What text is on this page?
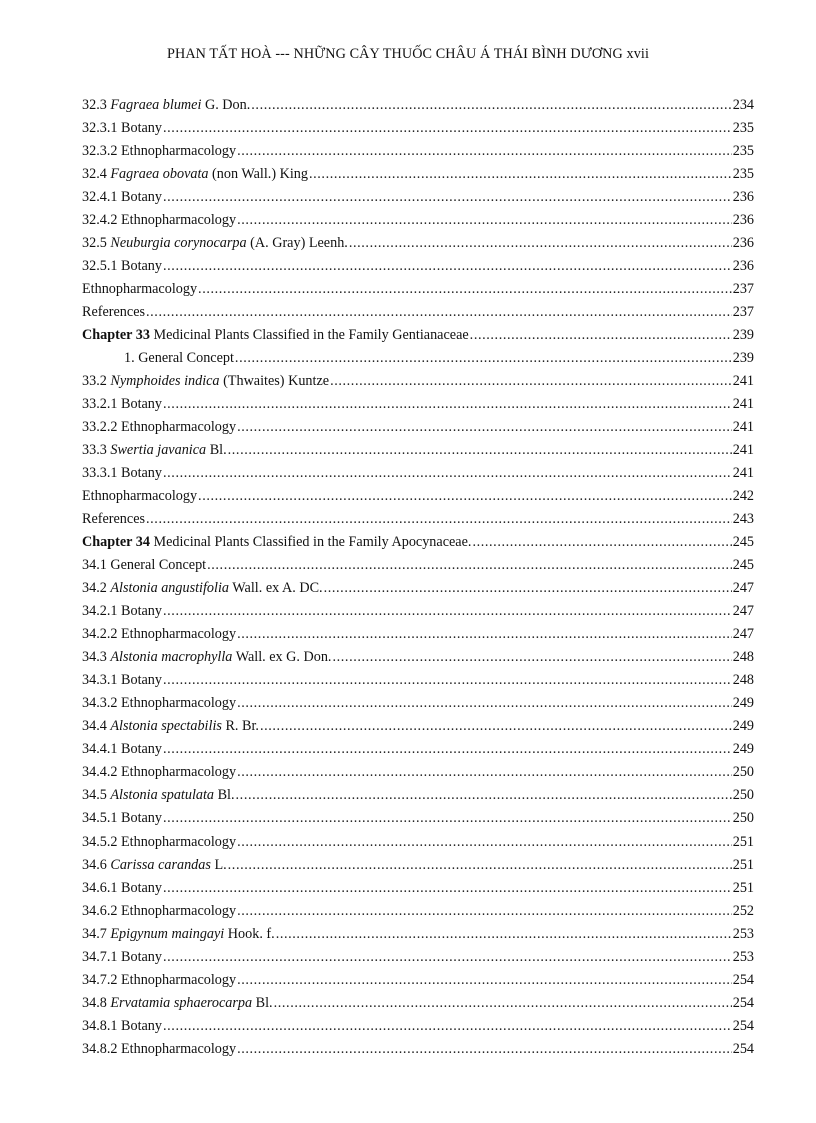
PHAN TẤT HOÀ --- NHỮNG CÂY THUỐC CHÂU Á THÁI BÌNH DƯƠNG xvii
32.3 Fagraea blumei G. Don. .....	234
32.3.1 Botany .....	235
32.3.2 Ethnopharmacology .....	235
32.4 Fagraea obovata (non Wall.) King .....	235
32.4.1 Botany .....	236
32.4.2 Ethnopharmacology .....	236
32.5 Neuburgia corynocarpa (A. Gray) Leenh. .....	236
32.5.1 Botany .....	236
Ethnopharmacology .....	237
References .....	237
Chapter 33 Medicinal Plants Classified in the Family Gentianaceae .....	239
1. General Concept .....	239
33.2 Nymphoides indica (Thwaites) Kuntze .....	241
33.2.1 Botany .....	241
33.2.2 Ethnopharmacology .....	241
33.3 Swertia javanica Bl. .....	241
33.3.1 Botany .....	241
Ethnopharmacology .....	242
References .....	243
Chapter 34 Medicinal Plants Classified in the Family Apocynaceae. .....	245
34.1 General Concept .....	245
34.2 Alstonia angustifolia Wall. ex A. DC. .....	247
34.2.1 Botany .....	247
34.2.2 Ethnopharmacology .....	247
34.3 Alstonia macrophylla Wall. ex G. Don. .....	248
34.3.1 Botany .....	248
34.3.2 Ethnopharmacology .....	249
34.4 Alstonia spectabilis R. Br. .....	249
34.4.1 Botany .....	249
34.4.2 Ethnopharmacology .....	250
34.5 Alstonia spatulata Bl. .....	250
34.5.1 Botany .....	250
34.5.2 Ethnopharmacology .....	251
34.6 Carissa carandas L. .....	251
34.6.1 Botany .....	251
34.6.2 Ethnopharmacology .....	252
34.7 Epigynum maingayi Hook. f. .....	253
34.7.1 Botany .....	253
34.7.2 Ethnopharmacology .....	254
34.8 Ervatamia sphaerocarpa Bl. .....	254
34.8.1 Botany .....	254
34.8.2 Ethnopharmacology .....	254
